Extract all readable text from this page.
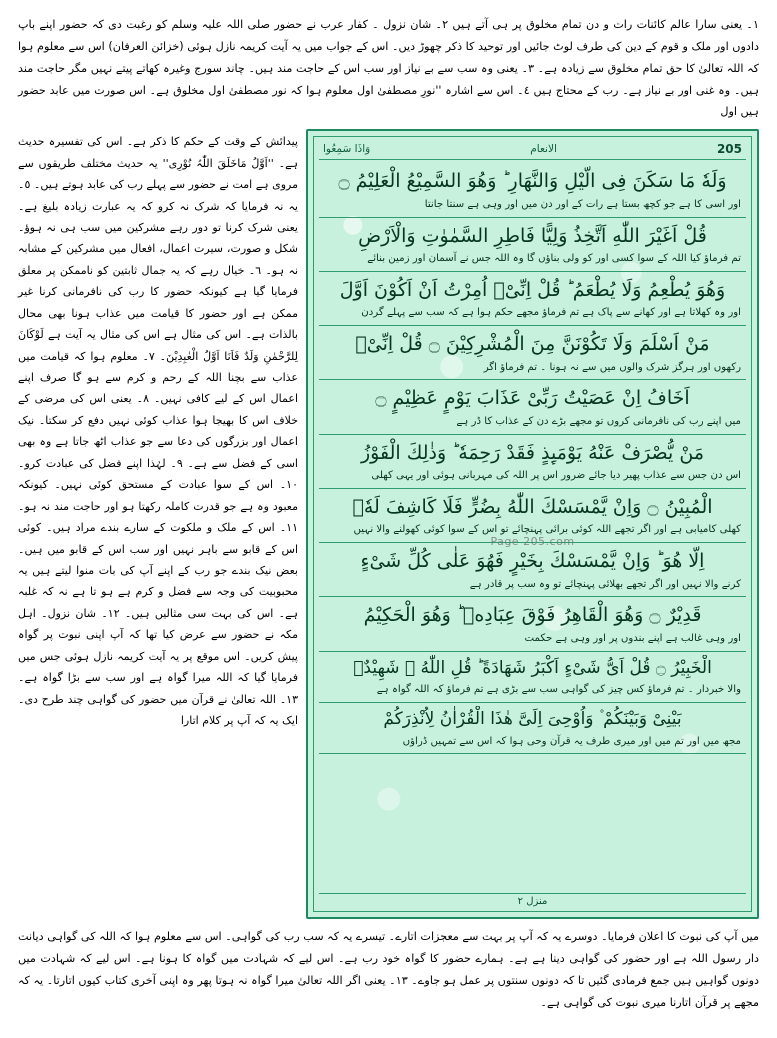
١۔ یعنی سارا عالم کائنات رات و دن تمام مخلوق پر ہی آتے ہیں ٢۔ شان نزول ۔ کفار عرب نے حضور صلی اللہ علیہ وسلم کو رغبت دی کہ حضور اپنے باپ دادوں اور ملک و قوم کے دین کی طرف لوٹ جائیں اور توحید کا ذکر چھوڑ دیں۔ اس کے جواب میں یہ آیت کریمہ نازل ہوئی (خزائن العرفان) اس سے معلوم ہوا کہ اللہ تعالیٰ کا حق تمام مخلوق سے زیادہ ہے۔ ٣۔ یعنی وہ سب سے بے نیاز اور سب اس کے حاجت مند ہیں۔ چاند سورج وغیرہ کھاتے پیتے نہیں مگر حاجت مند ہیں۔ وہ غنی اور بے نیاز ہے۔ رب کے محتاج ہیں ٤۔ اس سے اشارہ ''نورِ مصطفیٰ اول معلوم ہوا کہ نور مصطفیٰ اول مخلوق ہے۔ اس صورت میں عابد حضور ہیں اول
205
الانعام
وَاذَا سَمِعُوا
وَلَهٗ مَا سَكَنَ فِى الَّيْلِ وَالنَّهَارِ ؕ وَهُوَ السَّمِيْعُ الْعَلِيْمُ ۝
اور اسی کا ہے جو کچھ بستا ہے رات کے اور دن میں اور وہی ہے سنتا جانتا
قُلْ اَغَيْرَ اللّٰهِ اَتَّخِذُ وَلِيًّا فَاطِرِ السَّمٰوٰتِ وَالْاَرْضِ
تم فرماؤ کیا اللہ کے سوا کسی اور کو ولی بناؤں گا وہ اللہ جس نے آسمان اور زمین بنائے
وَهُوَ يُطْعِمُ وَلَا يُطْعَمُ ؕ قُلْ اِنِّىْۤ اُمِرْتُ اَنْ اَكُوْنَ اَوَّلَ
اور وہ کھلاتا ہے اور کھانے سے پاک ہے تم فرماؤ مجھے حکم ہوا ہے کہ سب سے پہلے گردن
مَنْ اَسْلَمَ وَلَا تَكُوْنَنَّ مِنَ الْمُشْرِكِيْنَ ۝ قُلْ اِنِّىْۤ
رکھوں اور ہرگز شرک والوں میں سے نہ ہونا ۔ تم فرماؤ اگر
اَخَافُ اِنْ عَصَيْتُ رَبِّىْ عَذَابَ يَوْمٍ عَظِيْمٍ ۝
میں اپنے رب کی نافرمانی کروں تو مجھے بڑے دن کے عذاب کا ڈر ہے
مَنْ يُّصْرَفْ عَنْهُ يَوْمَىِٕذٍ فَقَدْ رَحِمَهٗ ؕ وَذٰلِكَ الْفَوْزُ
اس دن جس سے عذاب پھیر دیا جائے ضرور اس پر اللہ کی مہربانی ہوئی اور یہی کھلی
الْمُبِيْنُ ۝ وَاِنْ يَّمْسَسْكَ اللّٰهُ بِضُرٍّ فَلَا كَاشِفَ لَهٗۤ
کھلی کامیابی ہے اور اگر تجھے اللہ کوئی برائی پہنچائے تو اس کے سوا کوئی کھولنے والا نہیں
اِلَّا هُوَ ؕ وَاِنْ يَّمْسَسْكَ بِخَيْرٍ فَهُوَ عَلٰى كُلِّ شَىْءٍ
کرنے والا نہیں اور اگر تجھے بھلائی پہنچائے تو وہ سب پر قادر ہے
قَدِيْرٌ ۝ وَهُوَ الْقَاهِرُ فَوْقَ عِبَادِهٖ ؕ وَهُوَ الْحَكِيْمُ
اور وہی غالب ہے اپنے بندوں پر اور وہی ہے حکمت
الْخَبِيْرُ ۝ قُلْ اَىُّ شَىْءٍ اَكْبَرُ شَهَادَةً ؕ قُلِ اللّٰهُ ۙ شَهِيْدٌۢ
والا خبردار ۔ تم فرماؤ کس چیز کی گواہی سب سے بڑی ہے تم فرماؤ کہ اللہ گواہ ہے
بَيْنِىْ وَبَيْنَكُمْ ۫ وَاُوْحِىَ اِلَىَّ هٰذَا الْقُرْاٰنُ لِاُنْذِرَكُمْ
مجھ میں اور تم میں اور میری طرف یہ قرآن وحی ہوا کہ اس سے تمہیں ڈراؤں
منزل ٢
Page 205.com
پیدائش کے وقت کے حکم کا ذکر ہے۔ اس کی تفسیرہ حدیث ہے۔ ''اَوَّلُ مَاخَلَقَ اللّٰہُ نُوْرِی'' یہ حدیث مختلف طریقوں سے مروی ہے امت نے حضور سے پہلے رب کی عابد ہوتے ہیں۔ ٥۔ یہ نہ فرمایا کہ شرک نہ کرو کہ یہ عبارت زیادہ بلیغ ہے۔ یعنی شرک کرنا تو دور رہے مشرکین میں سب ہی نہ ہوؤ۔ شکل و صورت، سیرت اعمال، افعال میں مشرکین کے مشابہ نہ ہو۔ ٦۔ خیال رہے کہ یہ جمال ثابتین کو ناممکن پر معلق فرمایا گیا ہے کیونکہ حضور کا رب کی نافرمانی کرنا غیر ممکن ہے اور حضور کا قیامت میں عذاب ہونا بھی محال بالذات ہے۔ اس کی مثال ہے اس کی مثال یہ آیت ہے لَوْکَانَ لِلرَّحْمٰنِ وَلَدٌ فَاَنَا اَوَّلُ الْعٰبِدِیْنَ۔ ٧۔ معلوم ہوا کہ قیامت میں عذاب سے بچنا اللہ کے رحم و کرم سے ہو گا صرف اپنے اعمال اس کے لیے کافی نہیں۔ ٨۔ یعنی اس کی مرضی کے خلاف اس کا بھیجا ہوا عذاب کوئی نہیں دفع کر سکتا۔ نیک اعمال اور بزرگوں کی دعا سے جو عذاب اٹھ جاتا ہے وہ بھی اسی کے فضل سے ہے۔ ٩۔ لہٰذا اپنے فضل کی عبادت کرو۔ ١٠۔ اس کے سوا عبادت کے مستحق کوئی نہیں۔ کیونکہ معبود وہ ہے جو قدرت کاملہ رکھتا ہو اور حاجت مند نہ ہو۔ ١١۔ اس کے ملک و ملکوت کے سارے بندے مراد ہیں۔ کوئی اس کے قابو سے باہر نہیں اور سب اس کے قابو میں ہیں۔ بعض نیک بندے جو رب کے اپنے آپ کی بات منوا لیتے ہیں یہ محبوبیت کی وجہ سے فضل و کرم ہے ہو تا ہے نہ کہ غلبہ ہے۔ اس کی بہت سی مثالیں ہیں۔ ١٢۔ شان نزول۔ اہل مکہ نے حضور سے عرض کیا تھا کہ آپ اپنی نبوت پر گواہ پیش کریں۔ اس موقع پر یہ آیت کریمہ نازل ہوئی جس میں فرمایا گیا کہ اللہ میرا گواہ ہے اور سب سے بڑا گواہ ہے۔ ١٣۔ اللہ تعالیٰ نے قرآن میں حضور کی گواہی چند طرح دی۔ ایک یہ کہ آپ پر کلام اتارا
میں آپ کی نبوت کا اعلان فرمایا۔ دوسرے یہ کہ آپ پر بہت سے معجزات اتارے۔ تیسرے یہ کہ سب رب کی گواہی۔ اس سے معلوم ہوا کہ اللہ کی گواہی دیانت دار رسول اللہ ہے اور حضور کی گواہی دینا ہے ہے۔ ہمارے حضور کا گواہ خود رب ہے۔ اس لیے کہ شہادت میں گواہ کا ہونا ہے۔ اس لیے کہ شہادت میں دونوں گواہیں ہیں جمع فرمادی گئیں تا کہ دونوں سنتوں پر عمل ہو جاوے۔ ١٣۔ یعنی اگر اللہ تعالیٰ میرا گواہ نہ ہوتا پھر وہ اپنی آخری کتاب کیوں اتارتا۔ یہ کہ مجھے پر قرآن اتارنا میری نبوت کی گواہی ہے۔
